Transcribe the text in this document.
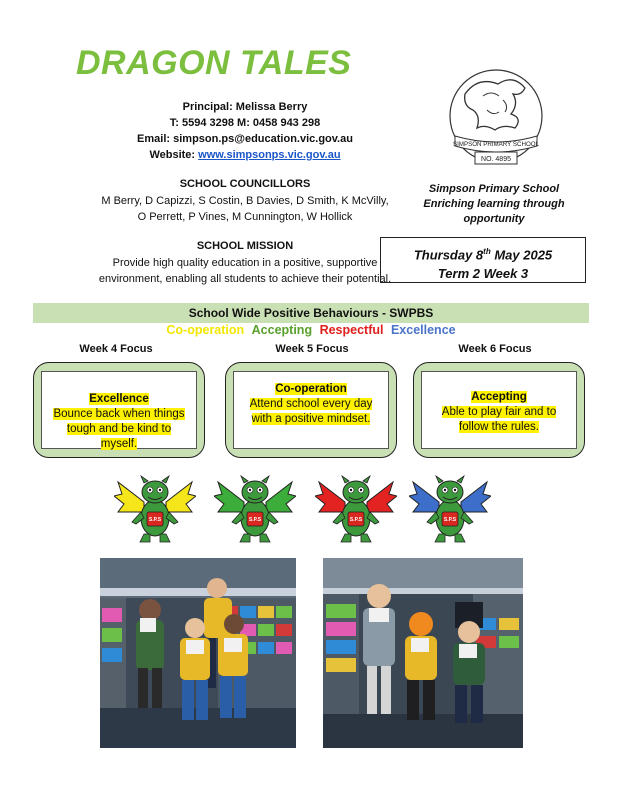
DRAGON TALES
Principal: Melissa Berry
T: 5594 3298 M: 0458 943 298
Email: simpson.ps@education.vic.gov.au
Website: www.simpsonps.vic.gov.au
SIMPSON PRIMARY SCHOOL
NO. 4895
SCHOOL COUNCILLORS
M Berry, D Capizzi, S Costin, B Davies, D Smith, K McVilly,
O Perrett, P Vines, M Cunnington, W Hollick
SCHOOL MISSION
Provide high quality education in a positive, supportive
environment, enabling all students to achieve their potential.
Simpson Primary School
Enriching learning through
opportunity
Thursday 8th May 2025
Term 2 Week 3
School Wide Positive Behaviours - SWPBS
Co-operation Accepting Respectful Excellence
Week 4 Focus	Week 5 Focus	Week 6 Focus
Excellence
Bounce back when things
tough and be kind to
myself.
Co-operation
Attend school every day
with a positive mindset.
Accepting
Able to play fair and to
follow the rules.
S.P.S	S.P.S	S.P.S	S.P.S
